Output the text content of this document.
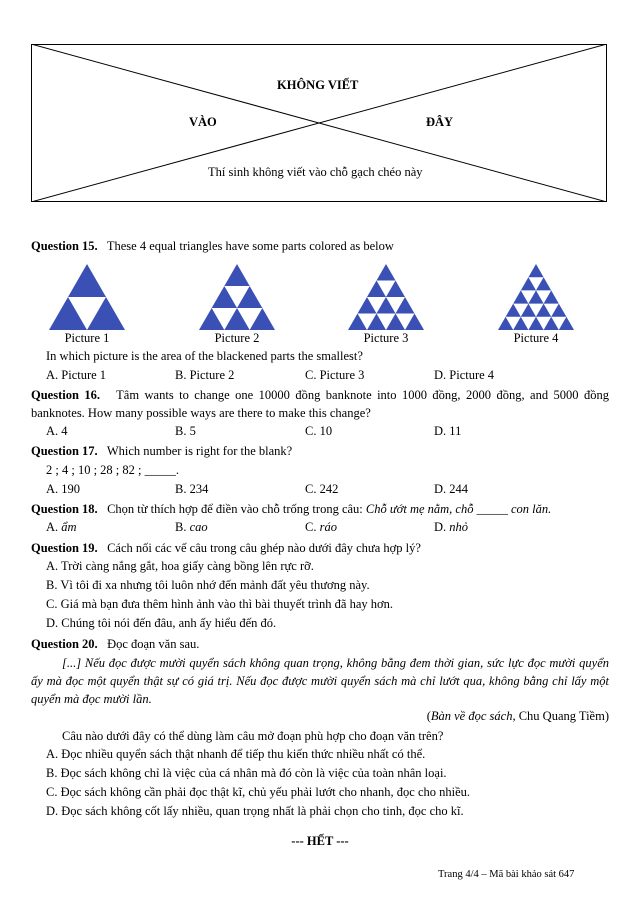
KHÔNG VIẾT
VÀO	ĐÂY
Thí sinh không viết vào chỗ gạch chéo này
Question 15. These 4 equal triangles have some parts colored as below
Picture 1	Picture 2	Picture 3	Picture 4
In which picture is the area of the blackened parts the smallest?
A. Picture 1	B. Picture 2	C. Picture 3	D. Picture 4
Question 16. Tâm wants to change one 10000 đồng banknote into 1000 đồng, 2000 đồng, and 5000 đồng banknotes. How many possible ways are there to make this change?
A. 4	B. 5	C. 10	D. 11
Question 17. Which number is right for the blank?
2 ; 4 ; 10 ; 28 ; 82 ; _____.
A. 190	B. 234	C. 242	D. 244
Question 18. Chọn từ thích hợp để điền vào chỗ trống trong câu: Chỗ ướt mẹ nằm, chỗ _____ con lăn.
A. ẩm	B. cao	C. ráo	D. nhỏ
Question 19. Cách nối các vế câu trong câu ghép nào dưới đây chưa hợp lý?
A. Trời càng nắng gắt, hoa giấy càng bồng lên rực rỡ.
B. Vì tôi đi xa nhưng tôi luôn nhớ đến mảnh đất yêu thương này.
C. Giá mà bạn đưa thêm hình ảnh vào thì bài thuyết trình đã hay hơn.
D. Chúng tôi nói đến đâu, anh ấy hiểu đến đó.
Question 20. Đọc đoạn văn sau.
[...] Nếu đọc được mười quyển sách không quan trọng, không bằng đem thời gian, sức lực đọc mười quyển ấy mà đọc một quyển thật sự có giá trị. Nếu đọc được mười quyển sách mà chỉ lướt qua, không bằng chỉ lấy một quyển mà đọc mười lần.
(Bàn về đọc sách, Chu Quang Tiềm)
Câu nào dưới đây có thể dùng làm câu mở đoạn phù hợp cho đoạn văn trên?
A. Đọc nhiều quyển sách thật nhanh để tiếp thu kiến thức nhiều nhất có thể.
B. Đọc sách không chỉ là việc của cá nhân mà đó còn là việc của toàn nhân loại.
C. Đọc sách không cần phải đọc thật kĩ, chủ yếu phải lướt cho nhanh, đọc cho nhiều.
D. Đọc sách không cốt lấy nhiều, quan trọng nhất là phải chọn cho tinh, đọc cho kĩ.
--- HẾT ---
Trang 4/4 – Mã bài khảo sát 647
